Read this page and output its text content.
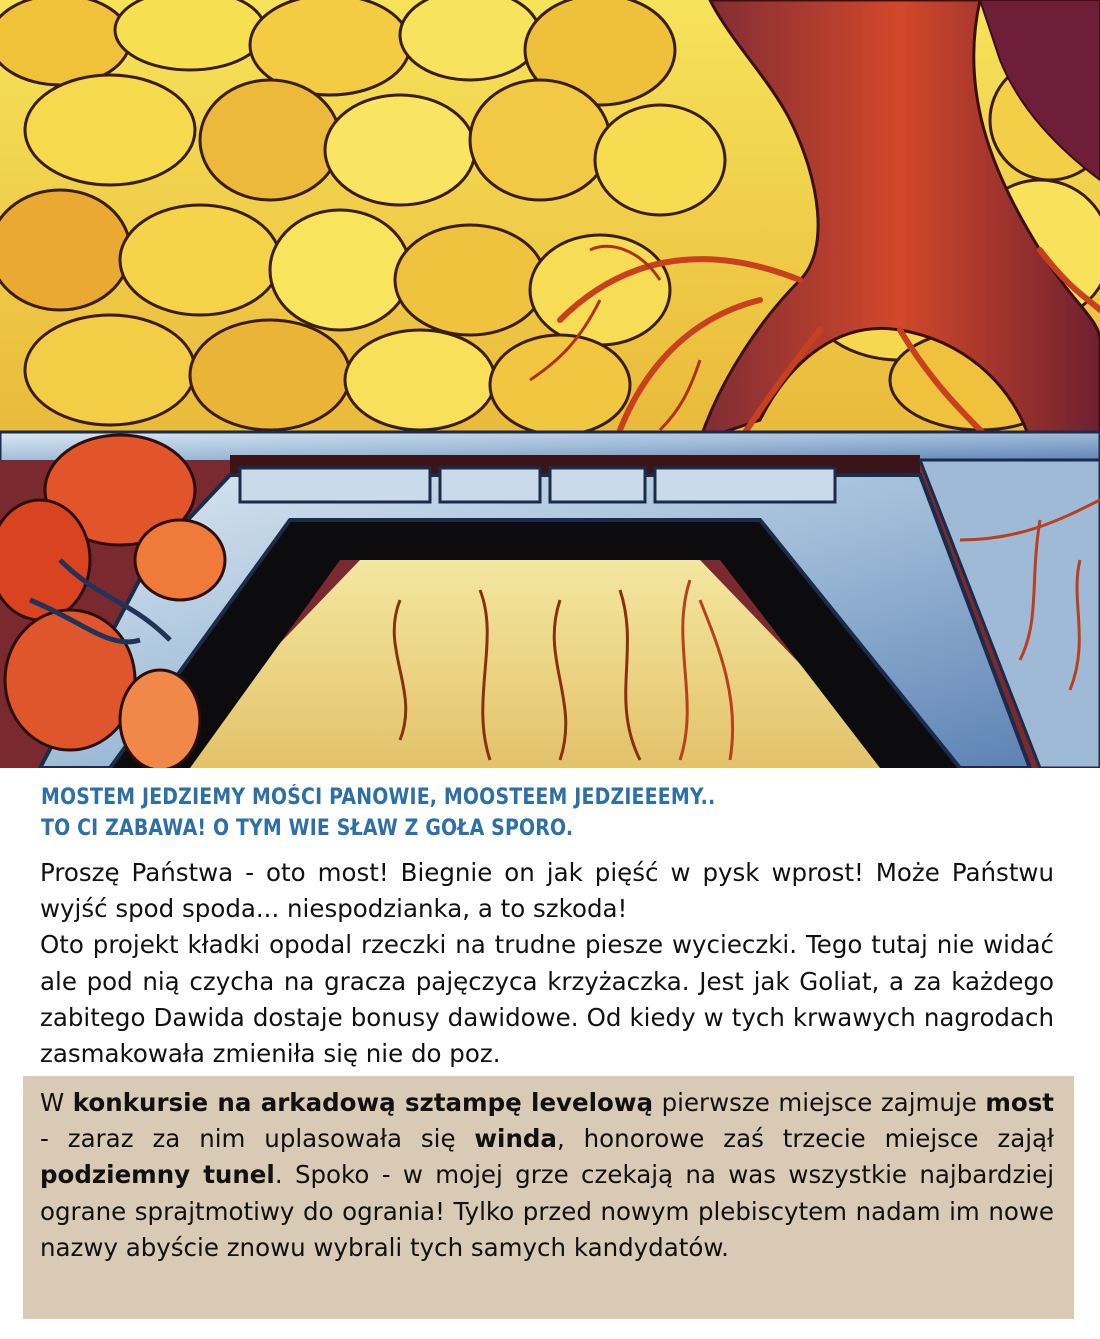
MOSTEM JEDZIEMY MOŚCI PANOWIE, MOOSTEEM JEDZIEEEMY..
TO CI ZABAWA! O TYM WIE SŁAW Z GOŁA SPORO.

Proszę Państwa - oto most! Biegnie on jak pięść w pysk wprost! Może Państwu wyjść spod spoda... niespodzianka, a to szkoda!

Oto projekt kładki opodal rzeczki na trudne piesze wycieczki. Tego tutaj nie widać ale pod nią czycha na gracza pajęczyca krzyżaczka. Jest jak Goliat, a za każdego zabitego Dawida dostaje bonusy dawidowe. Od kiedy w tych krwawych nagrodach zasmakowała zmieniła się nie do poz.

W konkursie na arkadową sztampę levelową pierwsze miejsce zajmuje most - zaraz za nim uplasowała się winda, honorowe zaś trzecie miejsce zajął podziemny tunel. Spoko - w mojej grze czekają na was wszystkie najbardziej ograne sprajtmotiwy do ogrania! Tylko przed nowym plebiscytem nadam im nowe nazwy abyście znowu wybrali tych samych kandydatów.
